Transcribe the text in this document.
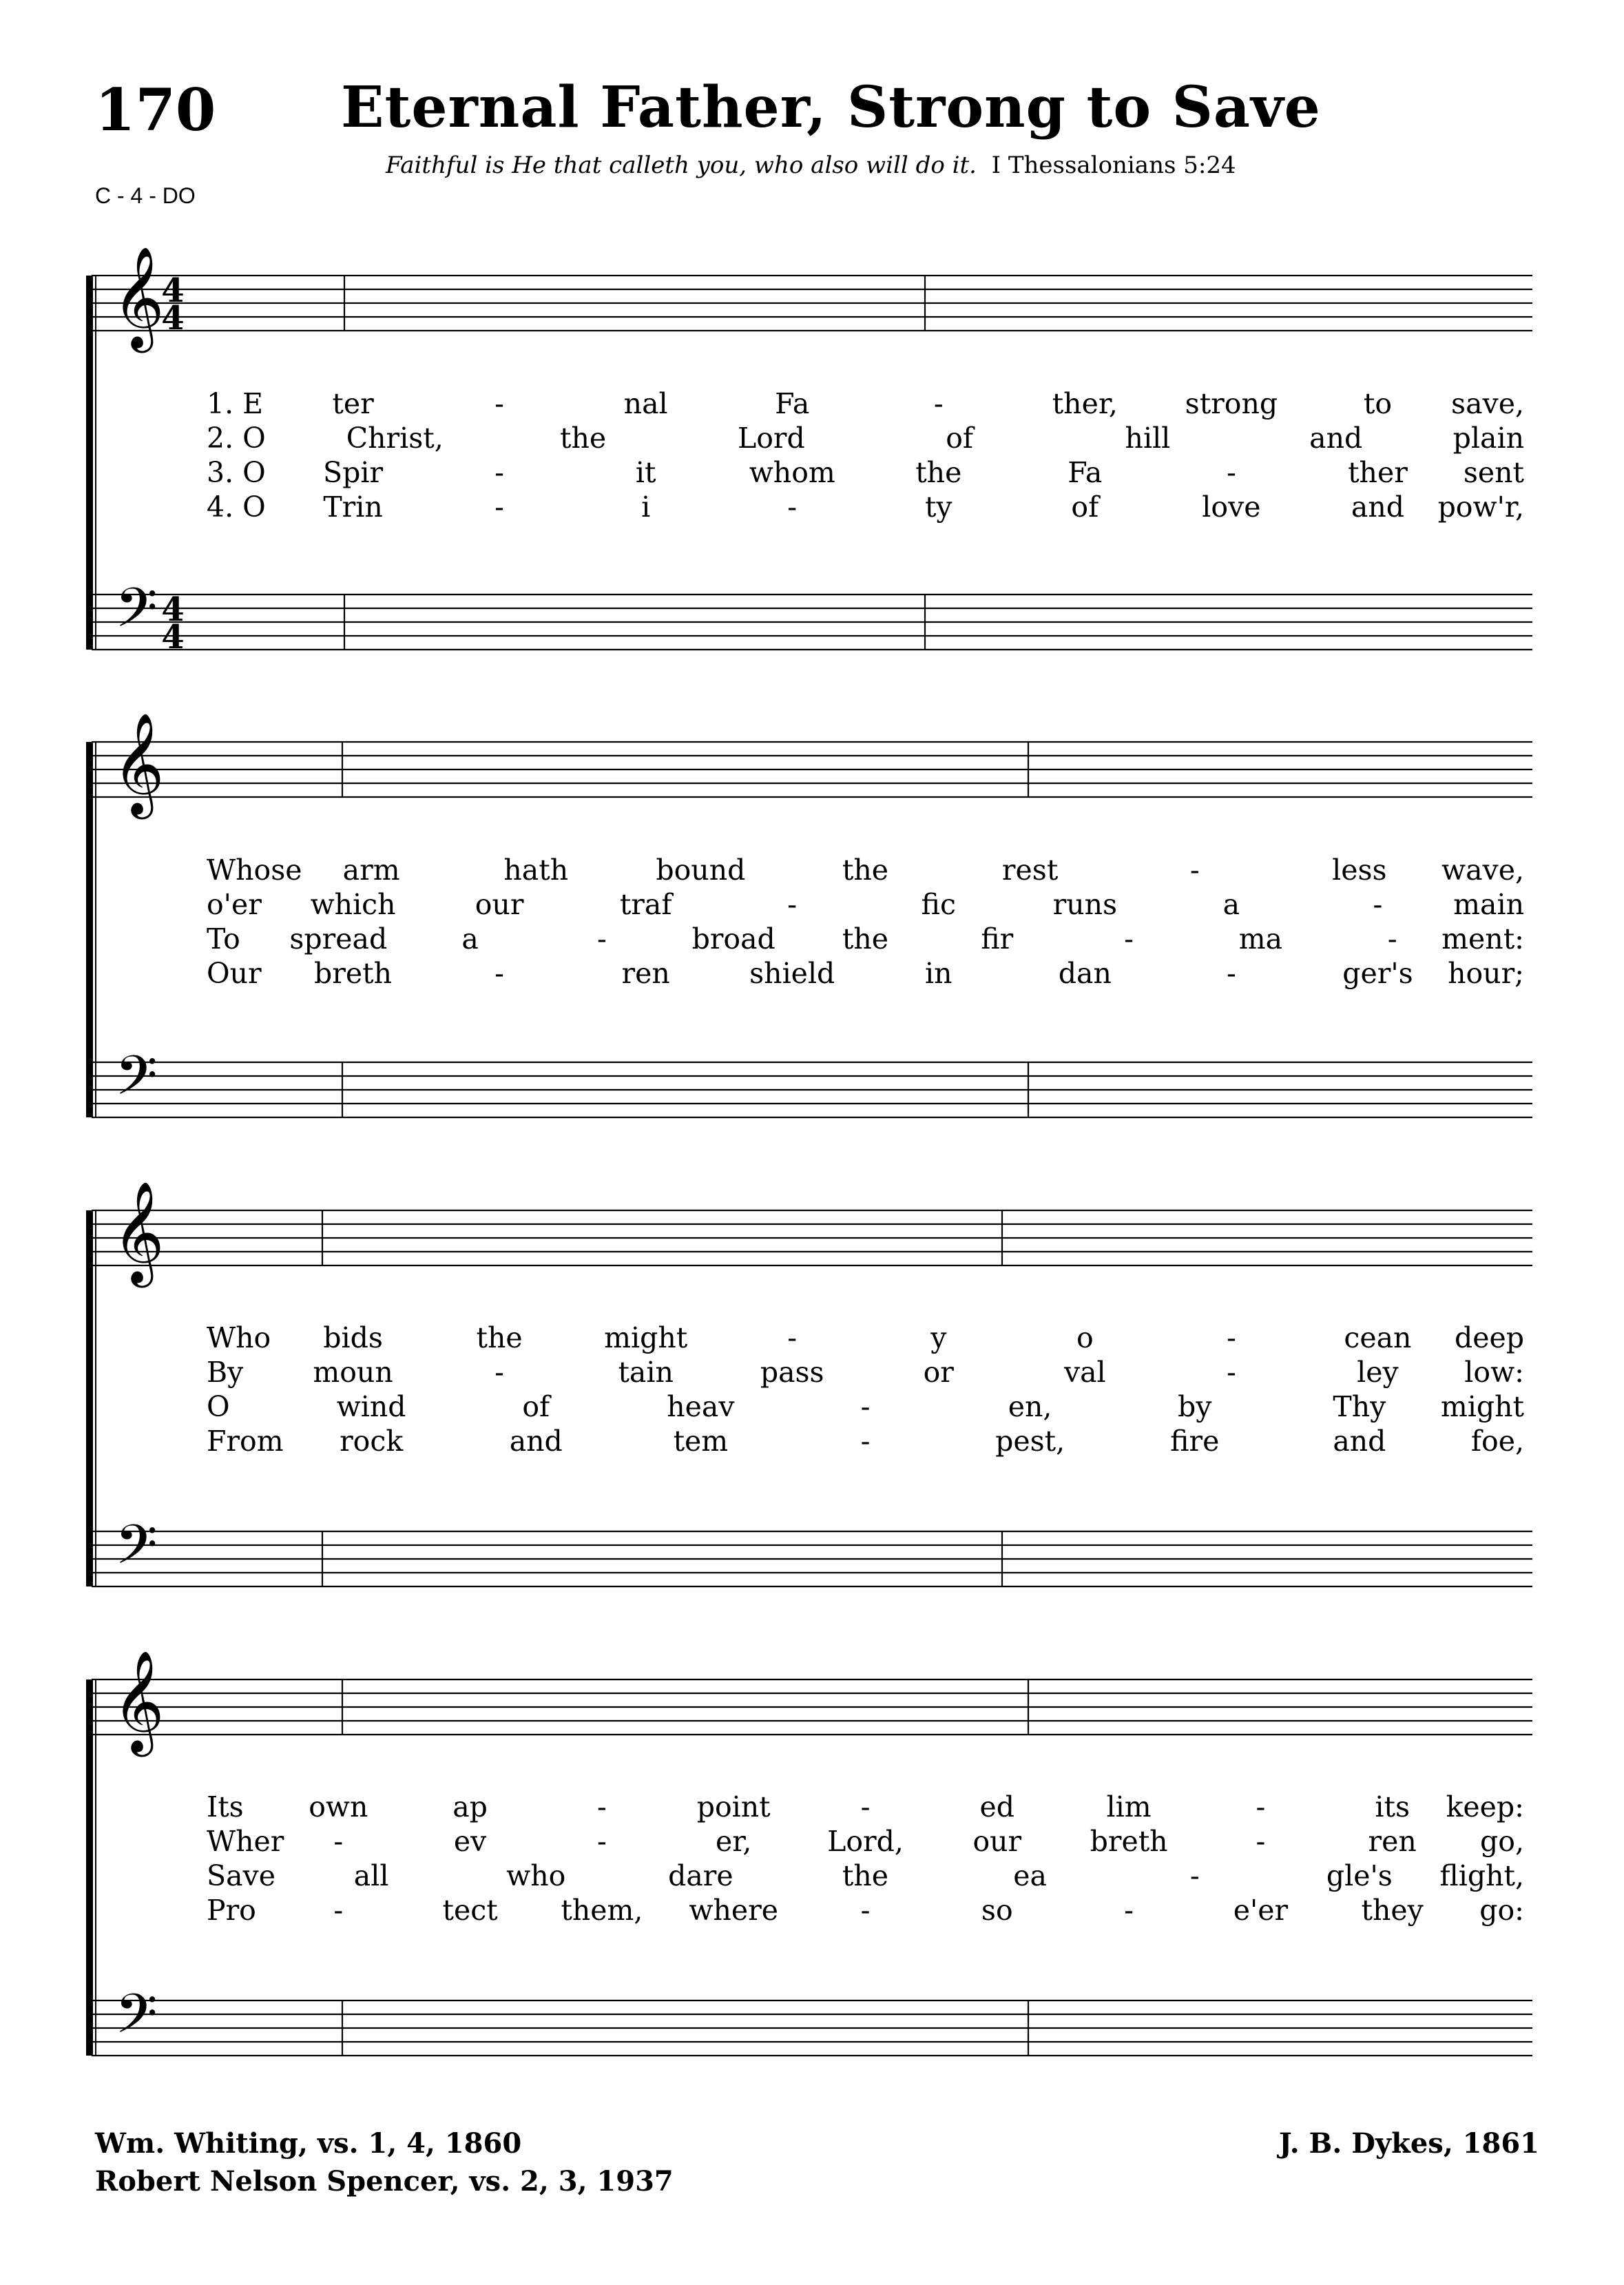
170 Eternal Father, Strong to Save
Faithful is He that calleth you, who also will do it. I Thessalonians 5:24
C - 4 - DO
𝄞
𝄢
4
4
4
4
1. E ter	-	nal	Fa	-	ther, strong	to save,
2. O	Christ,	the	Lord	of	hill	and	plain
3. O Spir	-	it	whom	the	Fa	-	ther sent
4. O Trin	-	i	-	ty	of	love	and pow'r,
𝄞
𝄢
Whose arm	hath	bound	the	rest	-	less wave,
o'er which	our	traf	-	fic	runs	a	-	main
To spread	a	-	broad the	fir	-	ma	- ment:
Our breth	-	ren	shield	in	dan	-	ger's hour;
𝄞
𝄢
Who bids	the	might	-	y	o	-	cean deep
By moun	-	tain	pass	or	val	-	ley low:
O	wind	of	heav	-	en,	by	Thy might
From rock	and	tem	-	pest,	fire	and	foe,
𝄞
𝄢
Its own	ap	-	point	-	ed	lim	-	its keep:
Wher -	ev	-	er,	Lord, our breth	-	ren go,
Save	all	who	dare	the	ea	-	gle's flight,
Pro	-	tect them, where	-	so	-	e'er	they go:
Wm. Whiting, vs. 1, 4, 1860
Robert Nelson Spencer, vs. 2, 3, 1937
J. B. Dykes, 1861
